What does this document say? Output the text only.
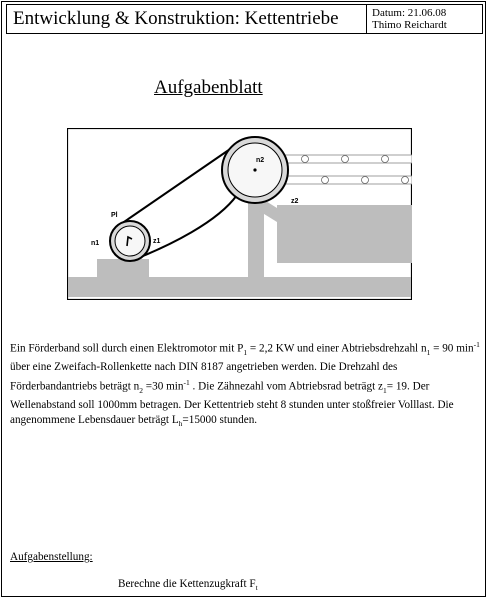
Entwicklung & Konstruktion: Kettentriebe	Datum: 21.06.08
Thimo Reichardt
Aufgabenblatt
n2
z2
Pl
n1	z1
Ein Förderband soll durch einen Elektromotor mit $P_1 = 2,2$ KW und einer Abtriebsdrehzahl $n_1 = 90$ $\min^{-1}$ über eine Zweifach-Rollenkette nach DIN 8187 angetrieben werden. Die Drehzahl des Förderbandantriebs beträgt $n_2 =30$ $\min^{-1}$ . Die Zähnezahl vom Abtriebsrad beträgt $z_1= 19$. Der Wellenabstand soll 1000mm betragen. Der Kettentrieb steht 8 stunden unter stoßfreier Volllast. Die angenommene Lebensdauer beträgt $L_h=15000$ stunden.
Aufgabenstellung:
Berechne die Kettenzugkraft $F_t$
